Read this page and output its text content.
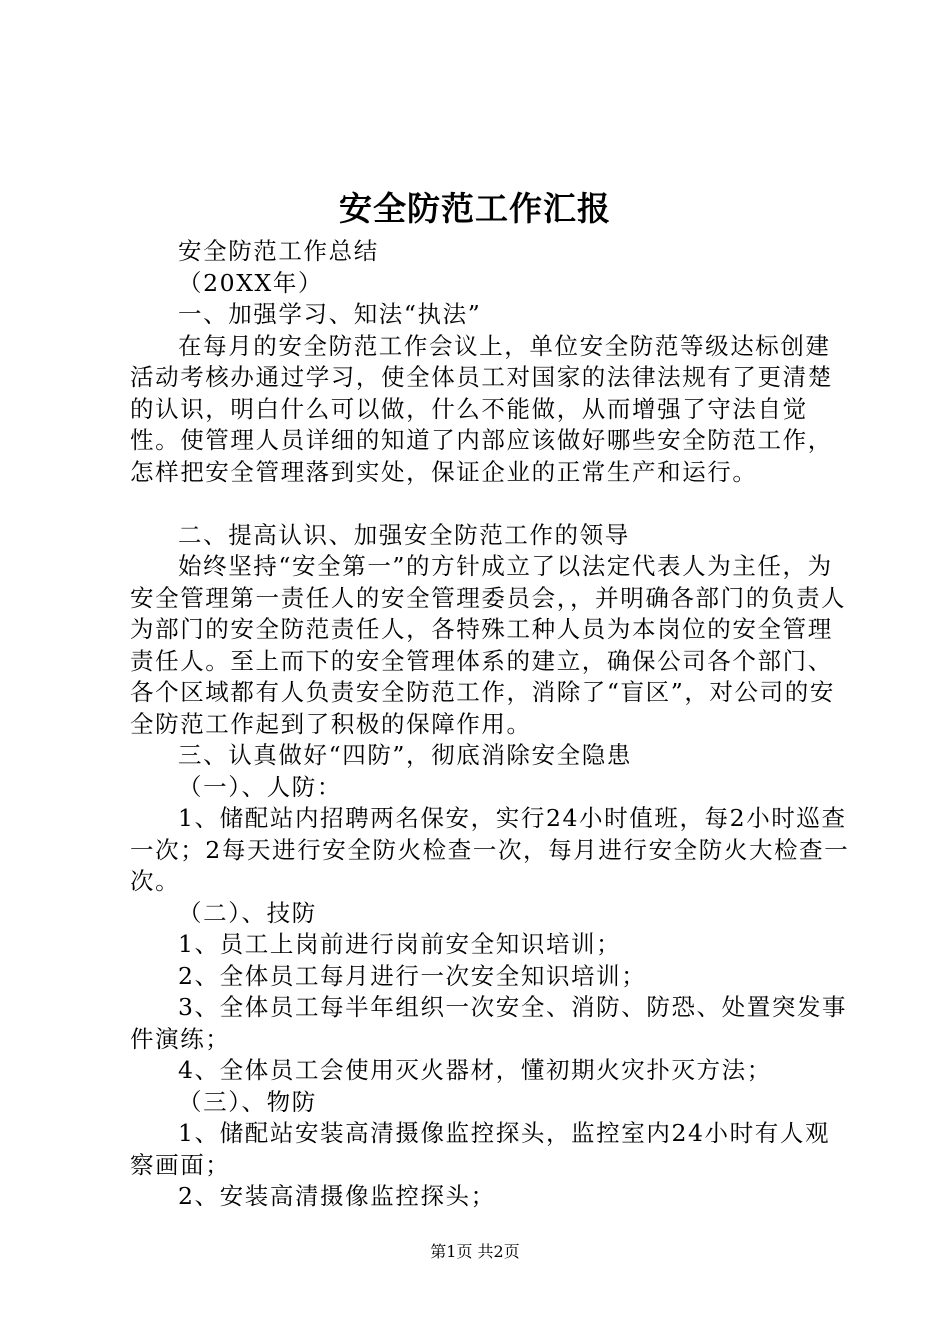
安全防范工作汇报

安全防范工作总结

（20XX年）

一、加强学习、知法“执法”

在每月的安全防范工作会议上，单位安全防范等级达标创建活动考核办通过学习，使全体员工对国家的法律法规有了更清楚的认识，明白什么可以做，什么不能做，从而增强了守法自觉性。使管理人员详细的知道了内部应该做好哪些安全防范工作，怎样把安全管理落到实处，保证企业的正常生产和运行。

二、提高认识、加强安全防范工作的领导

始终坚持“安全第一”的方针成立了以法定代表人为主任，为安全管理第一责任人的安全管理委员会，，并明确各部门的负责人为部门的安全防范责任人，各特殊工种人员为本岗位的安全管理责任人。至上而下的安全管理体系的建立，确保公司各个部门、各个区域都有人负责安全防范工作，消除了“盲区”，对公司的安全防范工作起到了积极的保障作用。

三、认真做好“四防”，彻底消除安全隐患

（一）、人防：

1、储配站内招聘两名保安，实行24小时值班，每2小时巡查一次；2每天进行安全防火检查一次，每月进行安全防火大检查一次。

（二）、技防

1、员工上岗前进行岗前安全知识培训；

2、全体员工每月进行一次安全知识培训；

3、全体员工每半年组织一次安全、消防、防恐、处置突发事件演练；

4、全体员工会使用灭火器材，懂初期火灾扑灭方法；

（三）、物防

1、储配站安装高清摄像监控探头，监控室内24小时有人观察画面；

2、安装高清摄像监控探头；

第1页 共2页
